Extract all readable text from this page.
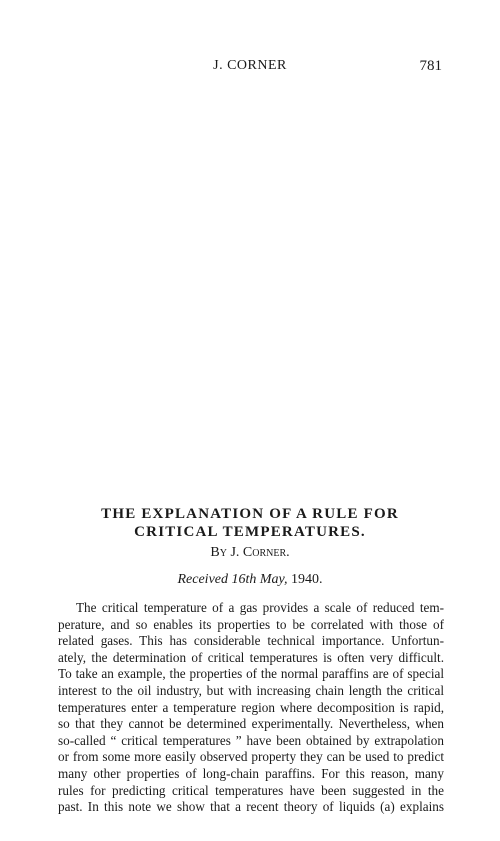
J. CORNER	781
THE EXPLANATION OF A RULE FOR
CRITICAL TEMPERATURES.

By J. Corner.

Received 16th May, 1940.

The critical temperature of a gas provides a scale of reduced tem-
perature, and so enables its properties to be correlated with those of
related gases. This has considerable technical importance. Unfortun-
ately, the determination of critical temperatures is often very difficult.
To take an example, the properties of the normal paraffins are of special
interest to the oil industry, but with increasing chain length the critical
temperatures enter a temperature region where decomposition is rapid,
so that they cannot be determined experimentally. Nevertheless, when
so-called “ critical temperatures ” have been obtained by extrapolation
or from some more easily observed property they can be used to predict
many other properties of long-chain paraffins. For this reason, many
rules for predicting critical temperatures have been suggested in the
past. In this note we show that a recent theory of liquids (a) explains
